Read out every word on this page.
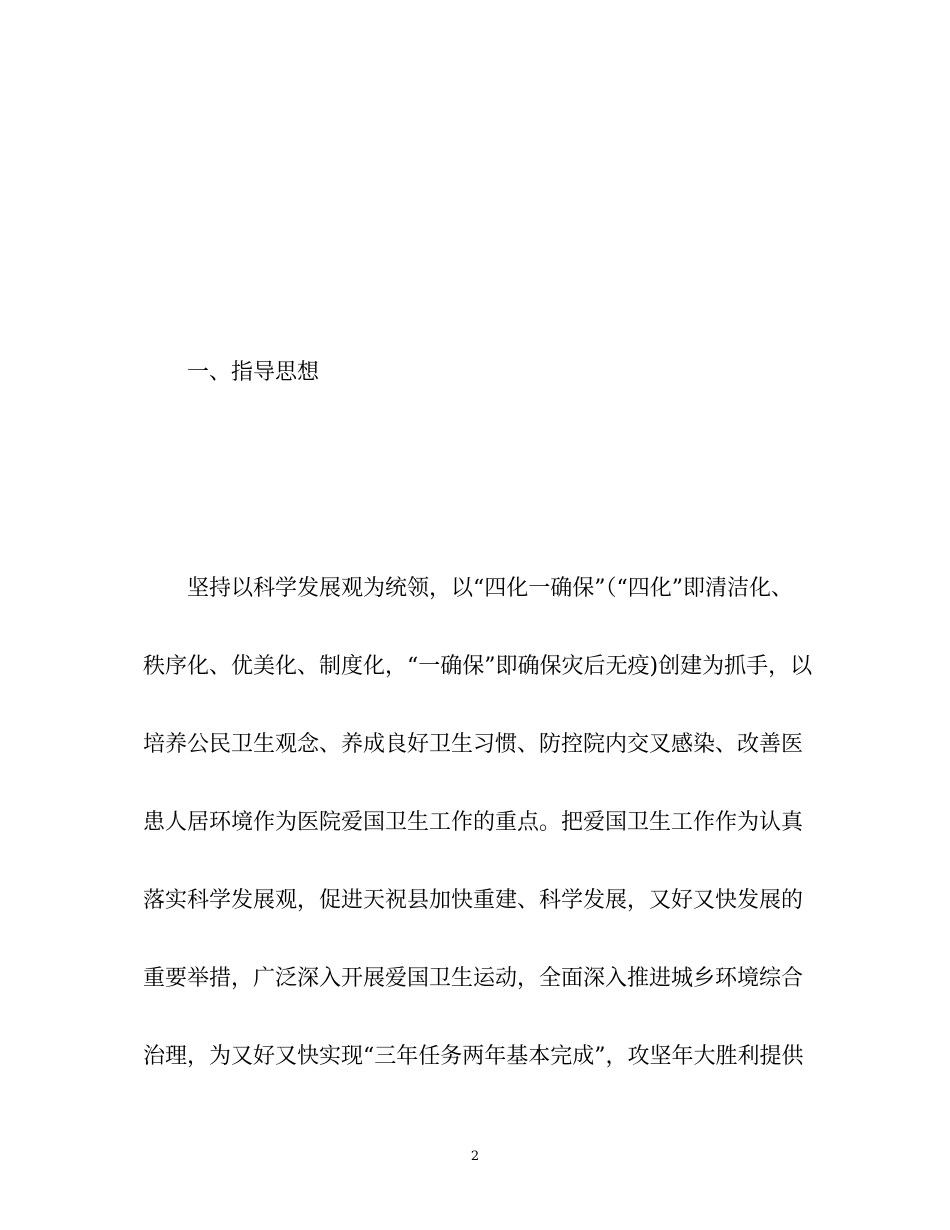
一、指导思想

坚持以科学发展观为统领，以“四化一确保”（“四化”即清洁化、

秩序化、优美化、制度化，“一确保”即确保灾后无疫)创建为抓手，以

培养公民卫生观念、养成良好卫生习惯、防控院内交叉感染、改善医

患人居环境作为医院爱国卫生工作的重点。把爱国卫生工作作为认真

落实科学发展观，促进天祝县加快重建、科学发展，又好又快发展的

重要举措，广泛深入开展爱国卫生运动，全面深入推进城乡环境综合

治理，为又好又快实现“三年任务两年基本完成”，攻坚年大胜利提供

2
